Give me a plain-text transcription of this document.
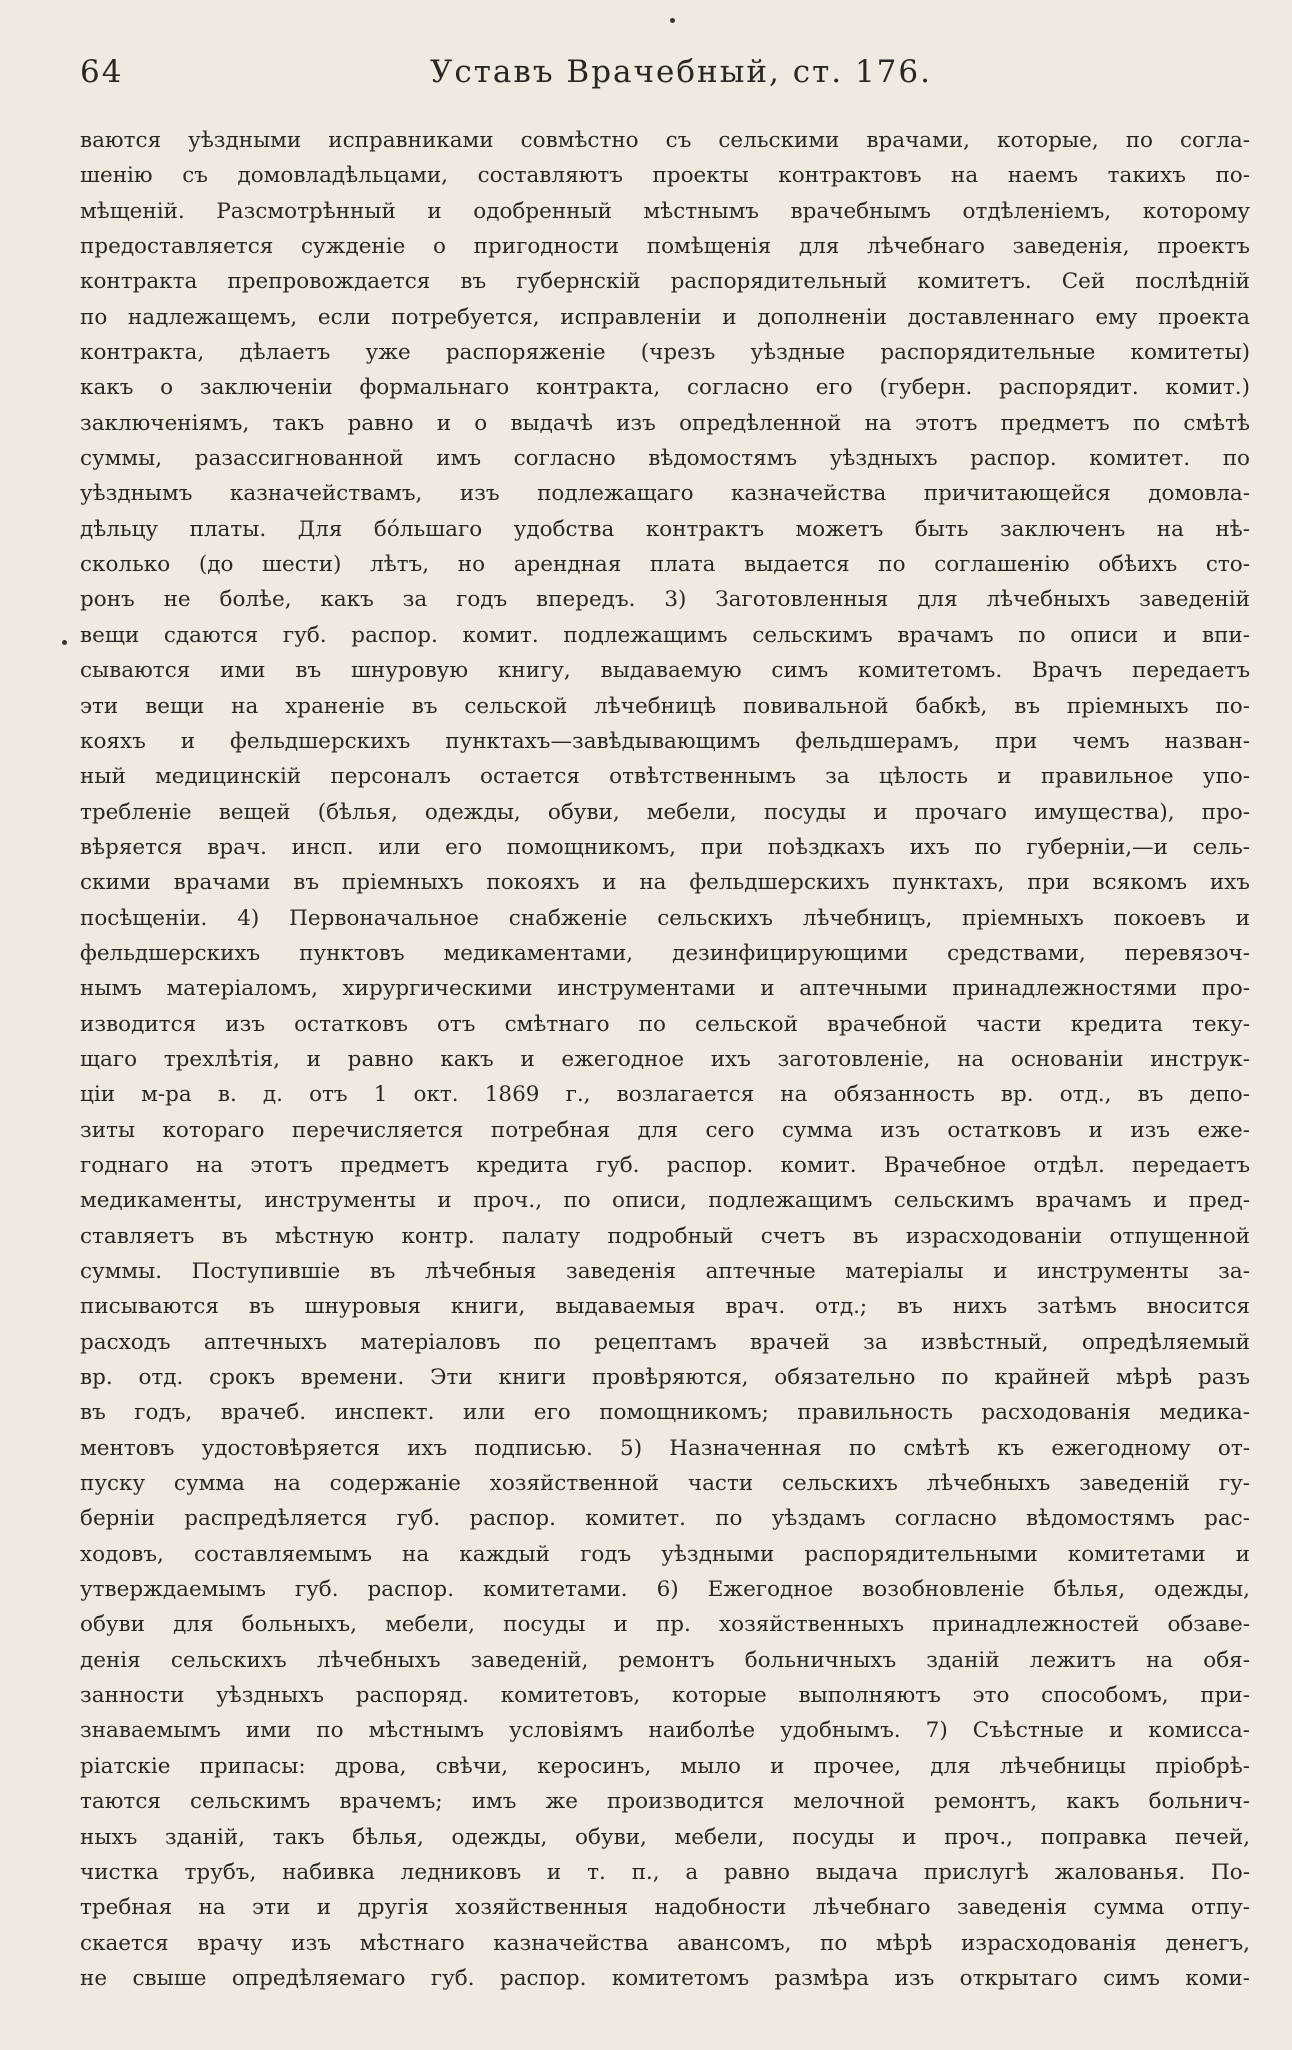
64	Уставъ Врачебный, ст. 176.
ваются уѣздными исправниками совмѣстно съ сельскими врачами, которые, по согла-
шенію съ домовладѣльцами, составляютъ проекты контрактовъ на наемъ такихъ по-
мѣщеній. Разсмотрѣнный и одобренный мѣстнымъ врачебнымъ отдѣленіемъ, которому
предоставляется сужденіе о пригодности помѣщенія для лѣчебнаго заведенія, проектъ
контракта препровождается въ губернскій распорядительный комитетъ. Сей послѣдній
по надлежащемъ, если потребуется, исправленіи и дополненіи доставленнаго ему проекта
контракта, дѣлаетъ уже распоряженіе (чрезъ уѣздные распорядительные комитеты)
какъ о заключеніи формальнаго контракта, согласно его (губерн. распорядит. комит.)
заключеніямъ, такъ равно и о выдачѣ изъ опредѣленной на этотъ предметъ по смѣтѣ
суммы, разассигнованной имъ согласно вѣдомостямъ уѣздныхъ распор. комитет. по
уѣзднымъ казначействамъ, изъ подлежащаго казначейства причитающейся домовла-
дѣльцу платы. Для бóльшаго удобства контрактъ можетъ быть заключенъ на нѣ-
сколько (до шести) лѣтъ, но арендная плата выдается по соглашенію обѣихъ сто-
ронъ не болѣе, какъ за годъ впередъ. 3) Заготовленныя для лѣчебныхъ заведеній
вещи сдаются губ. распор. комит. подлежащимъ сельскимъ врачамъ по описи и впи-
сываются ими въ шнуровую книгу, выдаваемую симъ комитетомъ. Врачъ передаетъ
эти вещи на храненіе въ сельской лѣчебницѣ повивальной бабкѣ, въ пріемныхъ по-
кояхъ и фельдшерскихъ пунктахъ—завѣдывающимъ фельдшерамъ, при чемъ назван-
ный медицинскій персоналъ остается отвѣтственнымъ за цѣлость и правильное упо-
требленіе вещей (бѣлья, одежды, обуви, мебели, посуды и прочаго имущества), про-
вѣряется врач. инсп. или его помощникомъ, при поѣздкахъ ихъ по губерніи,—и сель-
скими врачами въ пріемныхъ покояхъ и на фельдшерскихъ пунктахъ, при всякомъ ихъ
посѣщеніи. 4) Первоначальное снабженіе сельскихъ лѣчебницъ, пріемныхъ покоевъ и
фельдшерскихъ пунктовъ медикаментами, дезинфицирующими средствами, перевязоч-
нымъ матеріаломъ, хирургическими инструментами и аптечными принадлежностями про-
изводится изъ остатковъ отъ смѣтнаго по сельской врачебной части кредита теку-
щаго трехлѣтія, и равно какъ и ежегодное ихъ заготовленіе, на основаніи инструк-
ціи м-ра в. д. отъ 1 окт. 1869 г., возлагается на обязанность вр. отд., въ депо-
зиты котораго перечисляется потребная для сего сумма изъ остатковъ и изъ еже-
годнаго на этотъ предметъ кредита губ. распор. комит. Врачебное отдѣл. передаетъ
медикаменты, инструменты и проч., по описи, подлежащимъ сельскимъ врачамъ и пред-
ставляетъ въ мѣстную контр. палату подробный счетъ въ израсходованіи отпущенной
суммы. Поступившіе въ лѣчебныя заведенія аптечные матеріалы и инструменты за-
писываются въ шнуровыя книги, выдаваемыя врач. отд.; въ нихъ затѣмъ вносится
расходъ аптечныхъ матеріаловъ по рецептамъ врачей за извѣстный, опредѣляемый
вр. отд. срокъ времени. Эти книги провѣряются, обязательно по крайней мѣрѣ разъ
въ годъ, врачеб. инспект. или его помощникомъ; правильность расходованія медика-
ментовъ удостовѣряется ихъ подписью. 5) Назначенная по смѣтѣ къ ежегодному от-
пуску сумма на содержаніе хозяйственной части сельскихъ лѣчебныхъ заведеній гу-
берніи распредѣляется губ. распор. комитет. по уѣздамъ согласно вѣдомостямъ рас-
ходовъ, составляемымъ на каждый годъ уѣздными распорядительными комитетами и
утверждаемымъ губ. распор. комитетами. 6) Ежегодное возобновленіе бѣлья, одежды,
обуви для больныхъ, мебели, посуды и пр. хозяйственныхъ принадлежностей обзаве-
денія сельскихъ лѣчебныхъ заведеній, ремонтъ больничныхъ зданій лежитъ на обя-
занности уѣздныхъ распоряд. комитетовъ, которые выполняютъ это способомъ, при-
знаваемымъ ими по мѣстнымъ условіямъ наиболѣе удобнымъ. 7) Съѣстные и комисса-
ріатскіе припасы: дрова, свѣчи, керосинъ, мыло и прочее, для лѣчебницы пріобрѣ-
таются сельскимъ врачемъ; имъ же производится мелочной ремонтъ, какъ больнич-
ныхъ зданій, такъ бѣлья, одежды, обуви, мебели, посуды и проч., поправка печей,
чистка трубъ, набивка ледниковъ и т. п., а равно выдача прислугѣ жалованья. По-
требная на эти и другія хозяйственныя надобности лѣчебнаго заведенія сумма отпу-
скается врачу изъ мѣстнаго казначейства авансомъ, по мѣрѣ израсходованія денегъ,
не свыше опредѣляемаго губ. распор. комитетомъ размѣра изъ открытаго симъ коми-
